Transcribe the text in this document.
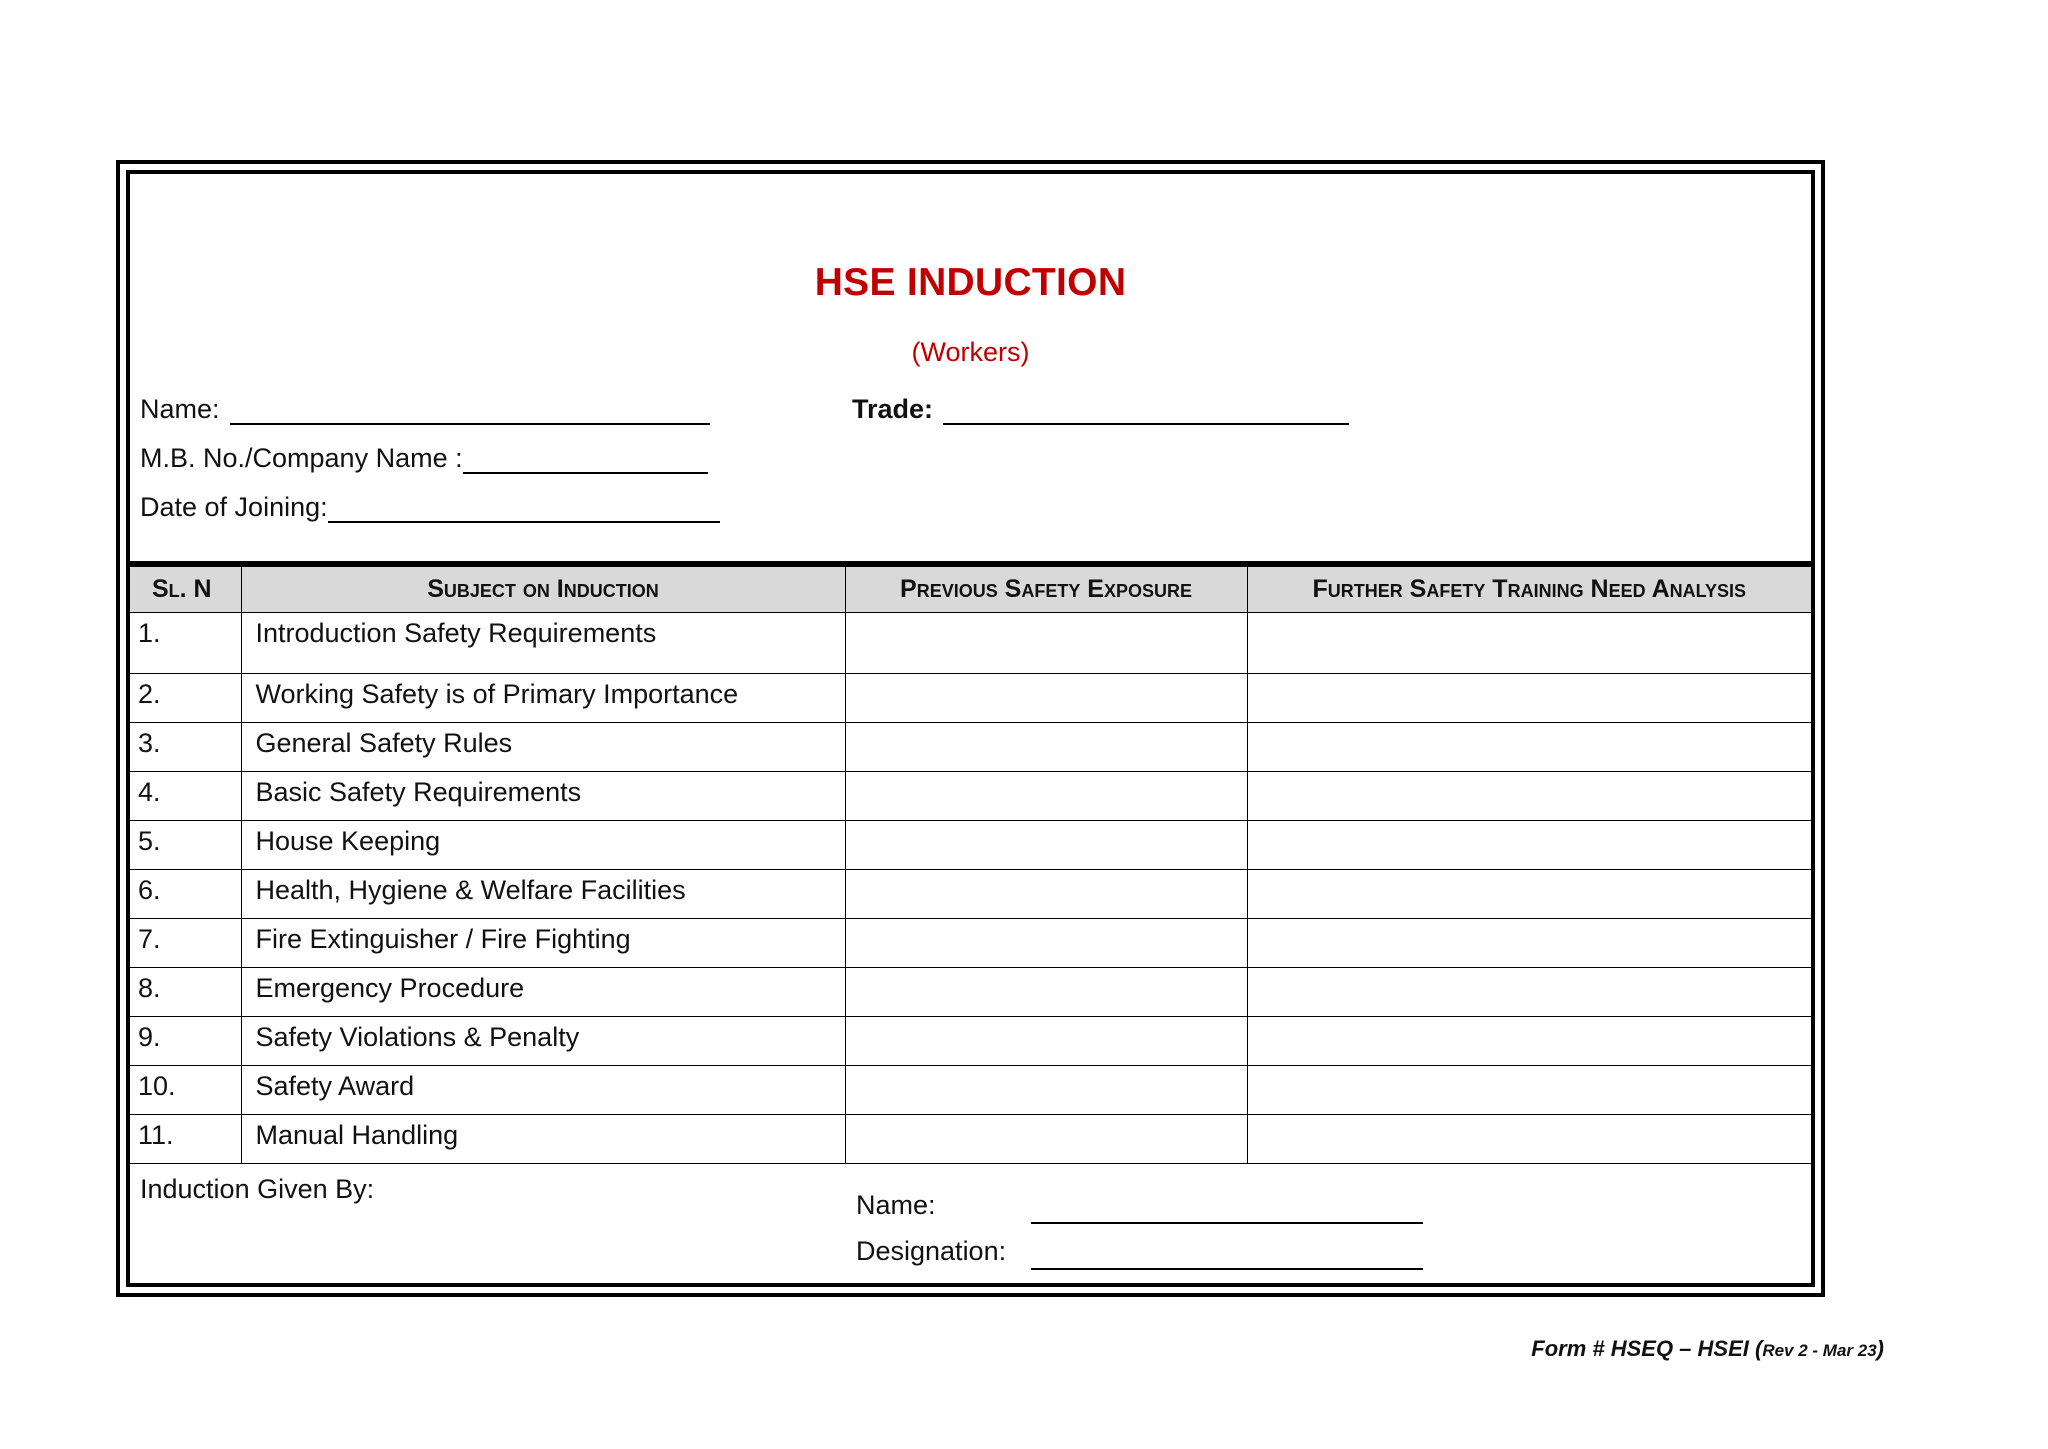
HSE INDUCTION
(Workers)
Name:	Trade:
M.B. No./Company Name :
Date of Joining:
Sl. N	Subject on Induction	Previous Safety Exposure	Further Safety Training Need Analysis
1.	Introduction Safety Requirements		
2.	Working Safety is of Primary Importance		
3.	General Safety Rules		
4.	Basic Safety Requirements		
5.	House Keeping		
6.	Health, Hygiene & Welfare Facilities		
7.	Fire Extinguisher / Fire Fighting		
8.	Emergency Procedure		
9.	Safety Violations & Penalty		
10.	Safety Award		
11.	Manual Handling		
Induction Given By:
Name:
Designation:
Form # HSEQ – HSEI (Rev 2 - Mar 23)
